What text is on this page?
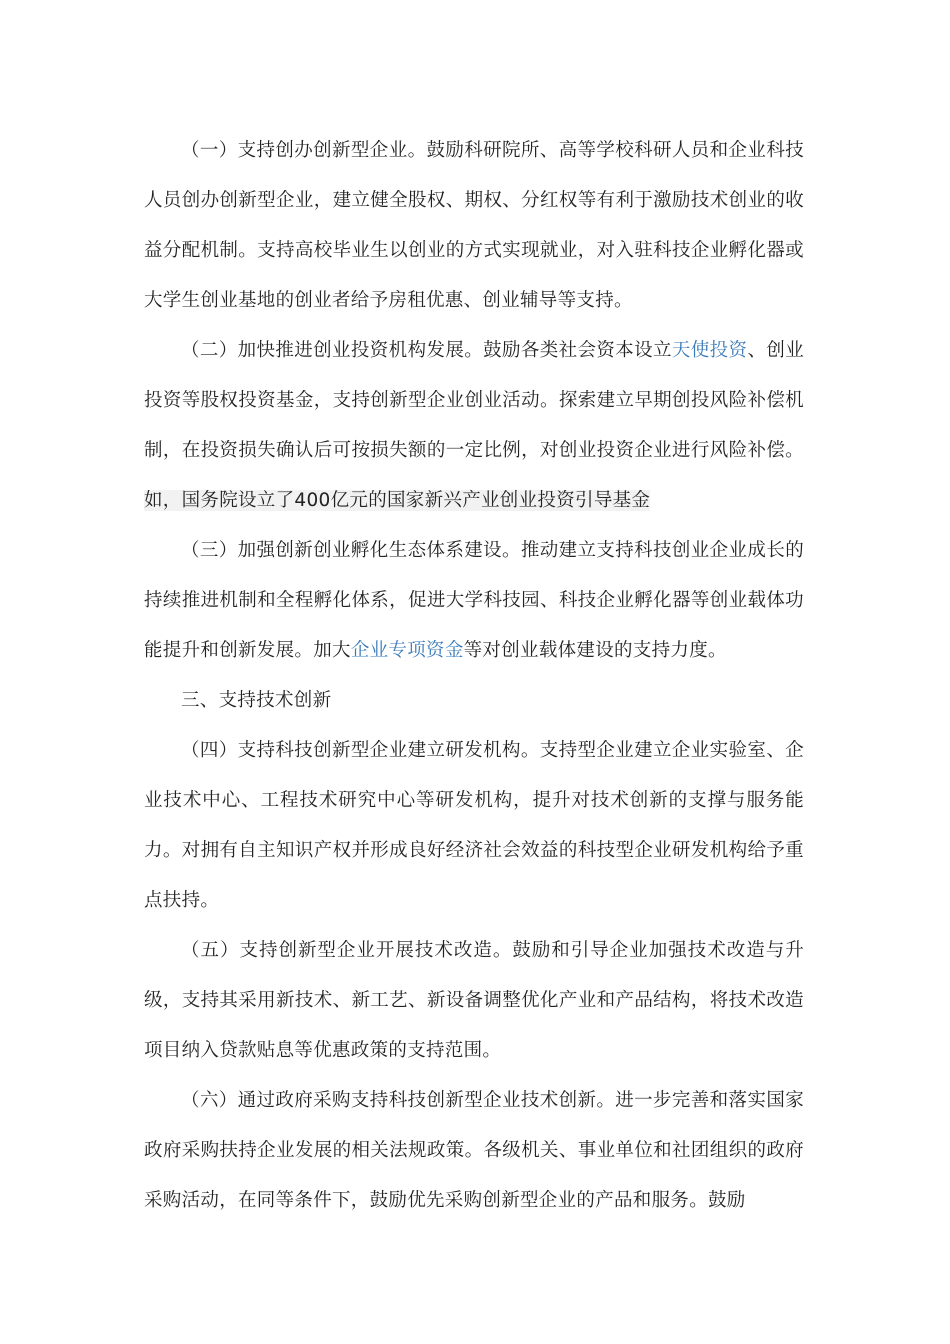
（一）支持创办创新型企业。鼓励科研院所、高等学校科研人员和企业科技人员创办创新型企业，建立健全股权、期权、分红权等有利于激励技术创业的收益分配机制。支持高校毕业生以创业的方式实现就业，对入驻科技企业孵化器或大学生创业基地的创业者给予房租优惠、创业辅导等支持。

（二）加快推进创业投资机构发展。鼓励各类社会资本设立天使投资、创业投资等股权投资基金，支持创新型企业创业活动。探索建立早期创投风险补偿机制，在投资损失确认后可按损失额的一定比例，对创业投资企业进行风险补偿。如，国务院设立了400亿元的国家新兴产业创业投资引导基金

（三）加强创新创业孵化生态体系建设。推动建立支持科技创业企业成长的持续推进机制和全程孵化体系，促进大学科技园、科技企业孵化器等创业载体功能提升和创新发展。加大企业专项资金等对创业载体建设的支持力度。

三、支持技术创新

（四）支持科技创新型企业建立研发机构。支持型企业建立企业实验室、企业技术中心、工程技术研究中心等研发机构，提升对技术创新的支撑与服务能力。对拥有自主知识产权并形成良好经济社会效益的科技型企业研发机构给予重点扶持。

（五）支持创新型企业开展技术改造。鼓励和引导企业加强技术改造与升级，支持其采用新技术、新工艺、新设备调整优化产业和产品结构，将技术改造项目纳入贷款贴息等优惠政策的支持范围。

（六）通过政府采购支持科技创新型企业技术创新。进一步完善和落实国家政府采购扶持企业发展的相关法规政策。各级机关、事业单位和社团组织的政府采购活动，在同等条件下，鼓励优先采购创新型企业的产品和服务。鼓励
